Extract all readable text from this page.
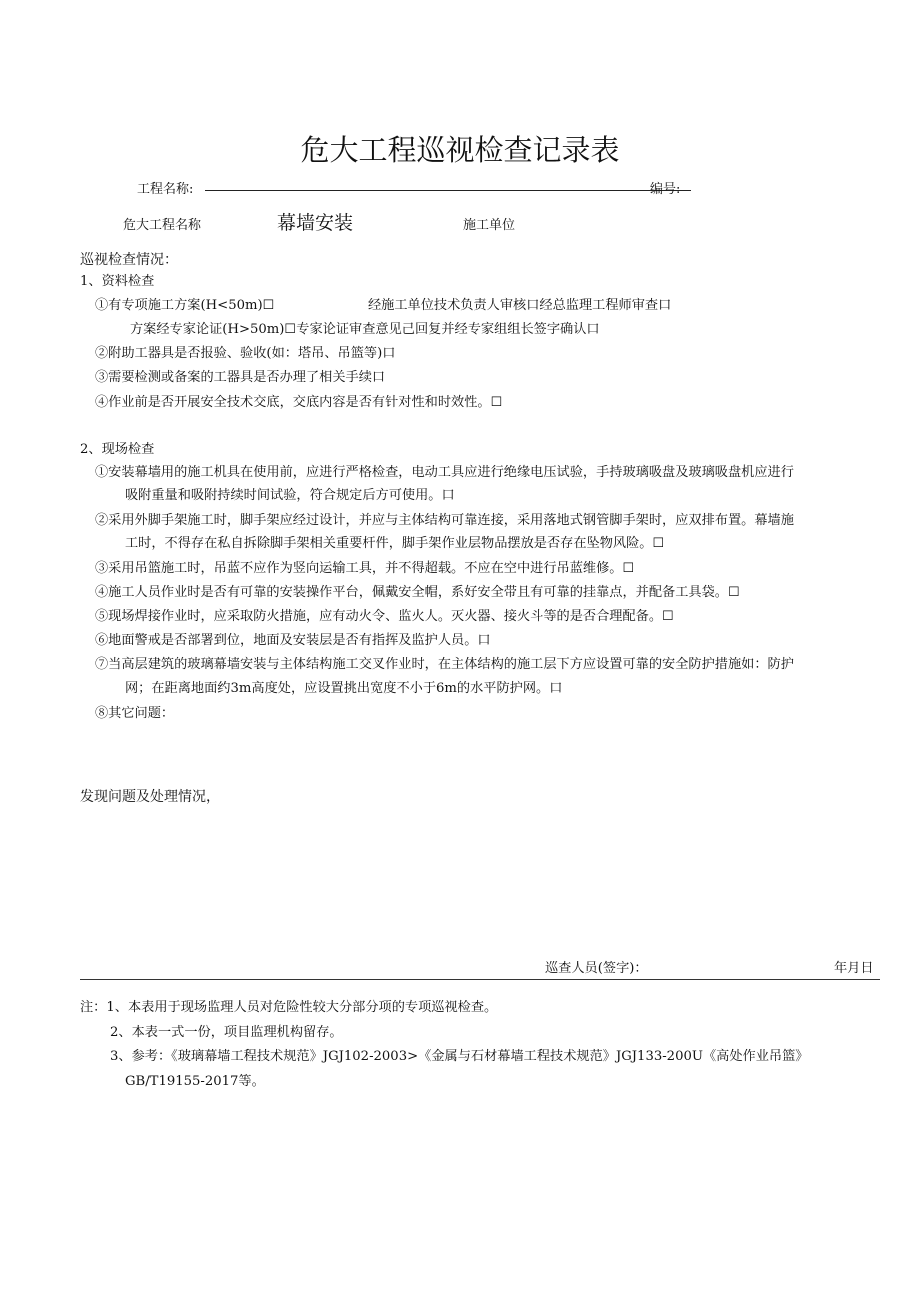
危大工程巡视检查记录表
工程名称:	编号:
危大工程名称	幕墙安装	施工单位
巡视检查情况：
1、资料检查
①有专项施工方案(H<50m)☐	经施工单位技术负责人审核口经总监理工程师审查口
方案经专家论证(H>50m)☐专家论证审查意见己回复并经专家组组长签字确认口
②附助工器具是否报验、验收(如：塔吊、吊篮等)口
③需要检测或备案的工器具是否办理了相关手续口
④作业前是否开展安全技术交底，交底内容是否有针对性和时效性。☐
2、现场检查
①安装幕墙用的施工机具在使用前，应进行严格检查，电动工具应进行绝缘电压试验，手持玻璃吸盘及玻璃吸盘机应进行
吸附重量和吸附持续时间试验，符合规定后方可使用。口
②采用外脚手架施工时，脚手架应经过设计，并应与主体结构可靠连接，采用落地式钢管脚手架时，应双排布置。幕墙施
工时，不得存在私自拆除脚手架相关重要杆件，脚手架作业层物品摆放是否存在坠物风险。☐
③采用吊篮施工时，吊蓝不应作为竖向运输工具，并不得超载。不应在空中进行吊蓝维修。☐
④施工人员作业时是否有可靠的安装操作平台，佩戴安全帽，系好安全带且有可靠的挂靠点，并配备工具袋。☐
⑤现场焊接作业时，应采取防火措施，应有动火令、监火人。灭火器、接火斗等的是否合理配备。☐
⑥地面警戒是否部署到位，地面及安装层是否有指挥及监护人员。口
⑦当高层建筑的玻璃幕墙安装与主体结构施工交叉作业时，在主体结构的施工层下方应设置可靠的安全防护措施如：防护
网；在距离地面约3m高度处，应设置挑出宽度不小于6m的水平防护网。口
⑧其它问题：
发现问题及处理情况，
巡查人员(签字)：	年月日
注：1、本表用于现场监理人员对危险性较大分部分项的专项巡视检查。
2、本表一式一份，项目监理机构留存。
3、参考：《玻璃幕墙工程技术规范》JGJ102-2003>《金属与石材幕墙工程技术规范》JGJ133-200U《高处作业吊篮》
GB/T19155-2017等。
